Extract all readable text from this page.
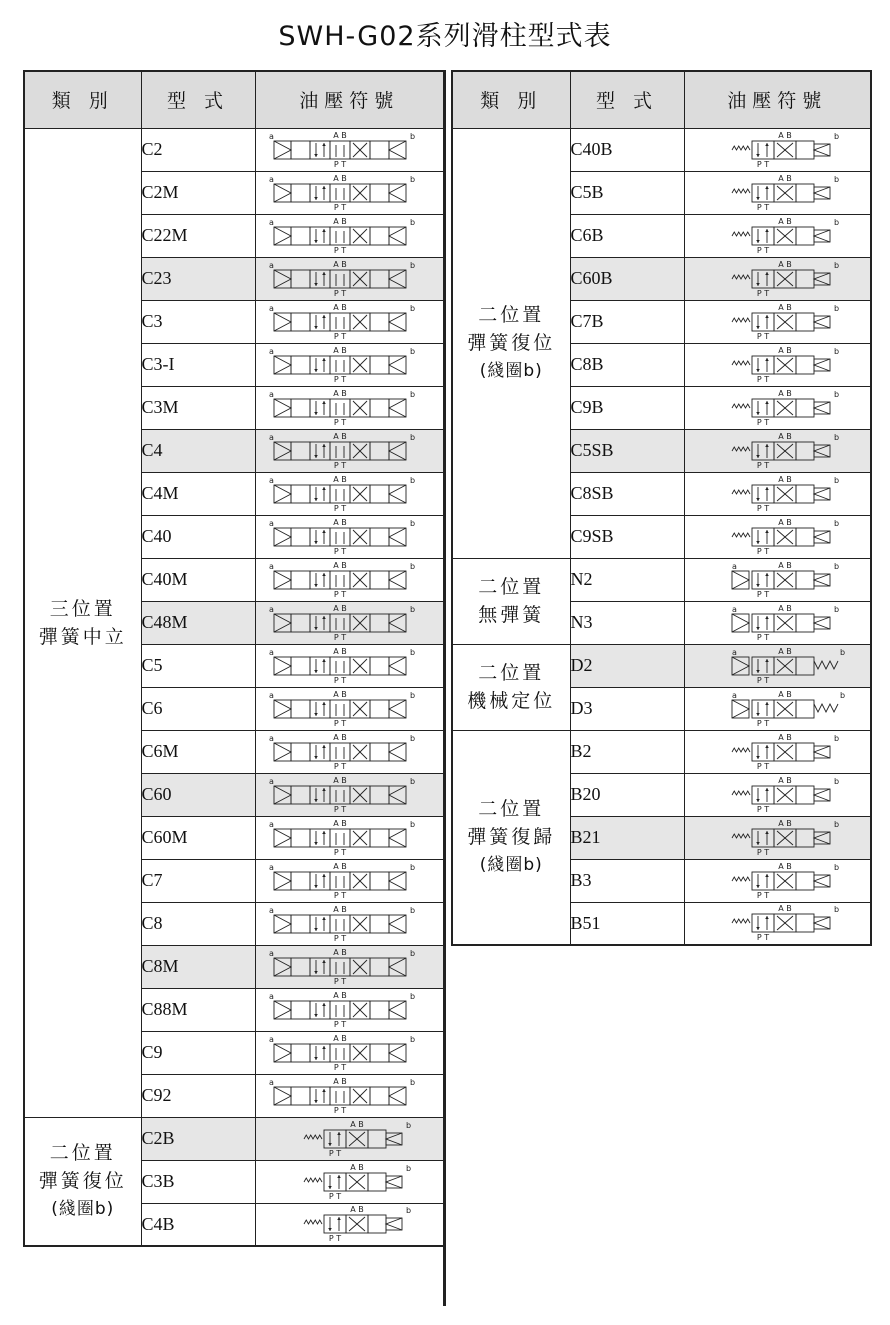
SWH-G02系列滑柱型式表
類 別	型 式	油壓符號

三位置
彈簧中立	C2	a b
A B
P T

	C2M	a b
A B
P T

	C22M	a b
A B
P T

	C23	a b
A B
P T

	C3	a b
A B
P T

	C3-I	a b
A B
P T

	C3M	a b
A B
P T

	C4	a b
A B
P T

	C4M	a b
A B
P T

	C40	a b
A B
P T

	C40M	a b
A B
P T

	C48M	a b
A B
P T

	C5	a b
A B
P T

	C6	a b
A B
P T

	C6M	a b
A B
P T

	C60	a b
A B
P T

	C60M	a b
A B
P T

	C7	a b
A B
P T

	C8	a b
A B
P T

	C8M	a b
A B
P T

	C88M	a b
A B
P T

	C9	a b
A B
P T

	C92	a b
A B
P T

二位置
彈簧復位
(綫圈b)	C2B	b
A B
P T

	C3B	b
A B
P T

	C4B	b
A B
P T
類 別	型 式	油壓符號

二位置
彈簧復位
(綫圈b)	C40B	b
A B
P T

	C5B	b
A B
P T

	C6B	b
A B
P T

	C60B	b
A B
P T

	C7B	b
A B
P T

	C8B	b
A B
P T

	C9B	b
A B
P T

	C5SB	b
A B
P T

	C8SB	b
A B
P T

	C9SB	b
A B
P T

二位置
無彈簧	N2	a b
A B
P T

	N3	a b
A B
P T

二位置
機械定位	D2	a b
A B
P T

	D3	a b
A B
P T

二位置
彈簧復歸
(綫圈b)	B2	b
A B
P T

	B20	b
A B
P T

	B21	b
A B
P T

	B3	b
A B
P T

	B51	b
A B
P T
